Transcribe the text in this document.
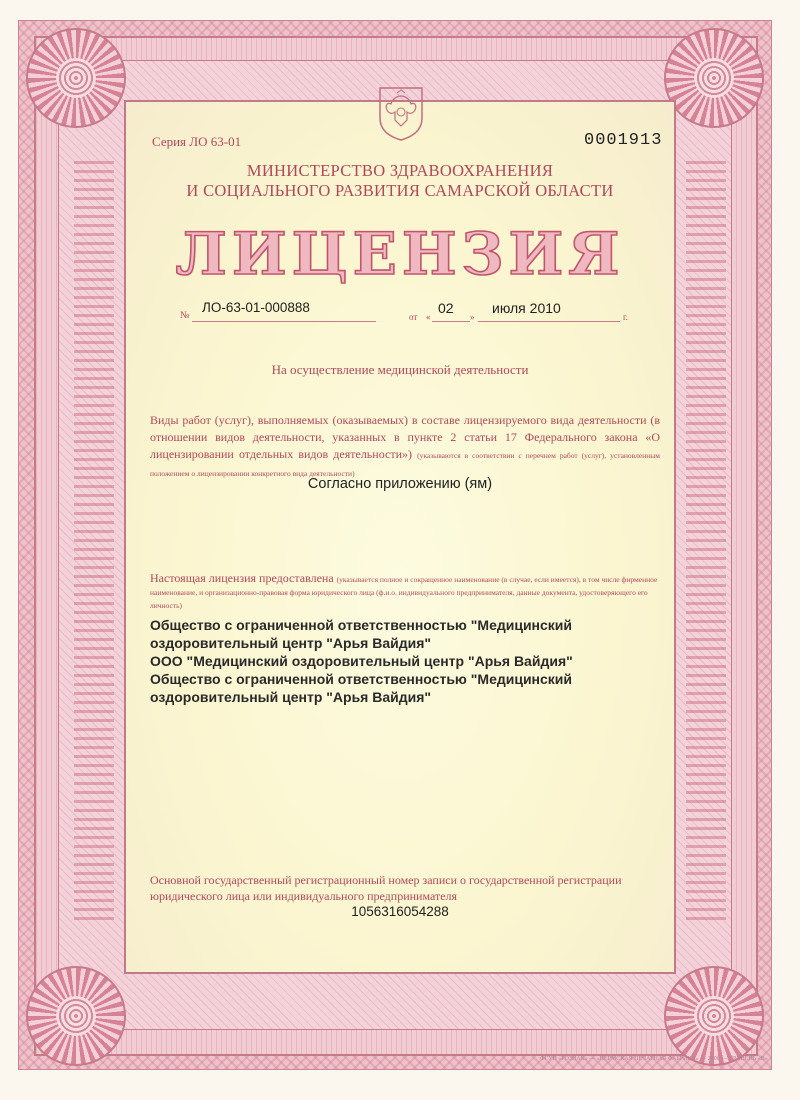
Серия ЛО 63-01	0001913
МИНИСТЕРСТВО ЗДРАВООХРАНЕНИЯ
И СОЦИАЛЬНОГО РАЗВИТИЯ САМАРСКОЙ ОБЛАСТИ
ЛИЦЕНЗИЯ
№
ЛО-63-01-000888
от «
02
»
июля 2010
г.
На осуществление медицинской деятельности
Виды работ (услуг), выполняемых (оказываемых) в составе лицензируемого вида деятельности (в отношении видов деятельности, указанных в пункте 2 статьи 17 Федерального закона «О лицензировании отдельных видов деятельности») (указываются в соответствии с перечнем работ (услуг), установленным положением о лицензировании конкретного вида деятельности)
Согласно приложению (ям)
Настоящая лицензия предоставлена (указывается полное и сокращенное наименование (в случае, если имеется), в том числе фирменное наименование, и организационно-правовая форма юридического лица (ф.и.о. индивидуального предпринимателя, данные документа, удостоверяющего его личность)
Общество с ограниченной ответственностью "Медицинский
оздоровительный центр "Арья Вайдия"
ООО "Медицинский оздоровительный центр "Арья Вайдия"
Общество с ограниченной ответственностью "Медицинский
оздоровительный центр "Арья Вайдия"
Основной государственный регистрационный номер записи о государственной регистрации юридического лица или индивидуального предпринимателя
1056316054288
ФГУП «ГОЗНАК» — «ПЕРМСКАЯ ПЕЧАТНАЯ ФАБРИКА» — 2008 — УРОВЕНЬ «В»
